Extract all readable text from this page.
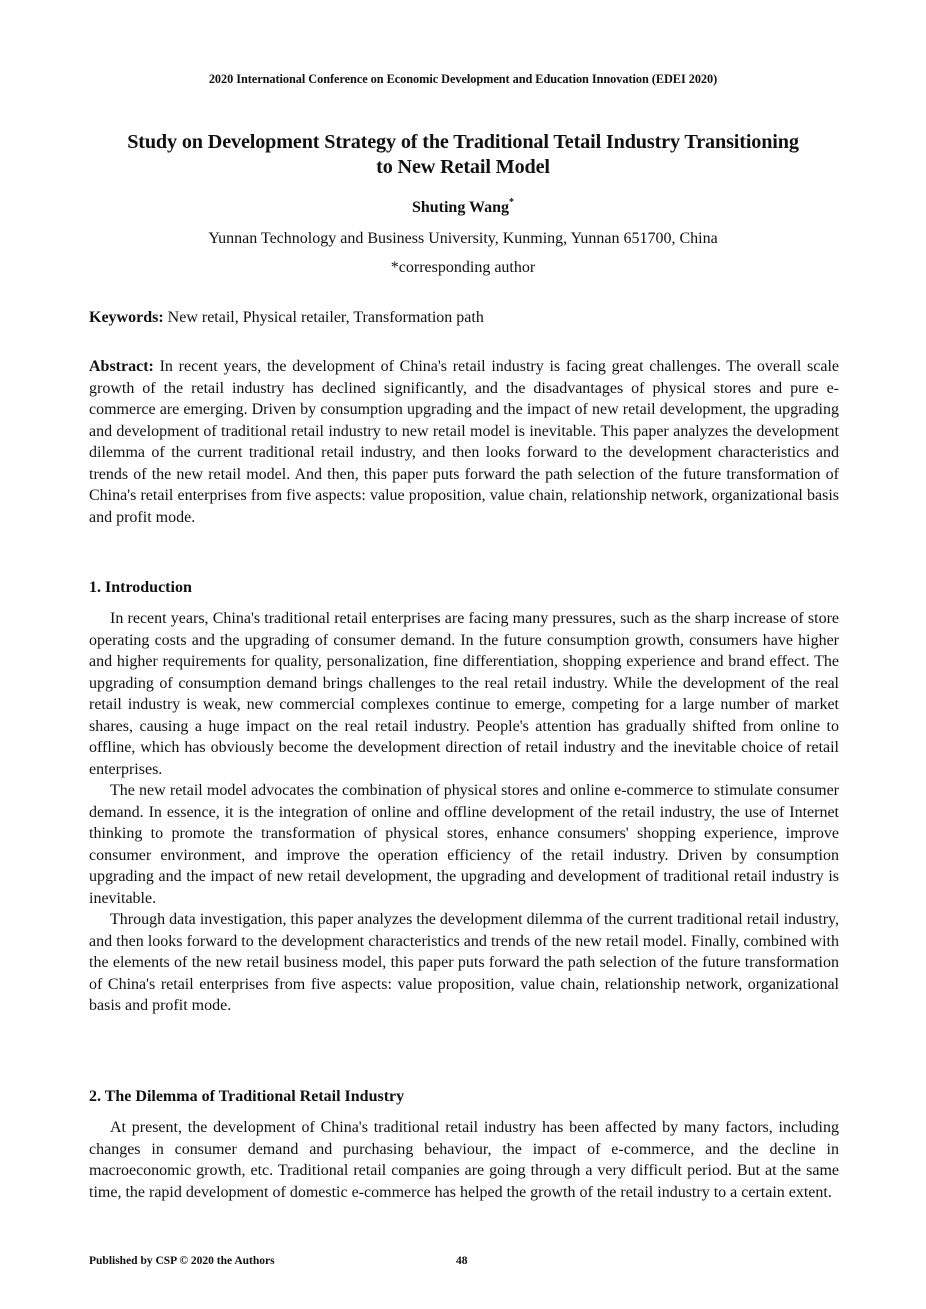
2020 International Conference on Economic Development and Education Innovation (EDEI 2020)
Study on Development Strategy of the Traditional Tetail Industry Transitioning
to New Retail Model
Shuting Wang*
Yunnan Technology and Business University, Kunming, Yunnan 651700, China
*corresponding author
Keywords: New retail, Physical retailer, Transformation path
Abstract: In recent years, the development of China's retail industry is facing great challenges. The overall scale growth of the retail industry has declined significantly, and the disadvantages of physical stores and pure e-commerce are emerging. Driven by consumption upgrading and the impact of new retail development, the upgrading and development of traditional retail industry to new retail model is inevitable. This paper analyzes the development dilemma of the current traditional retail industry, and then looks forward to the development characteristics and trends of the new retail model. And then, this paper puts forward the path selection of the future transformation of China's retail enterprises from five aspects: value proposition, value chain, relationship network, organizational basis and profit mode.
1. Introduction

In recent years, China's traditional retail enterprises are facing many pressures, such as the sharp increase of store operating costs and the upgrading of consumer demand. In the future consumption growth, consumers have higher and higher requirements for quality, personalization, fine differentiation, shopping experience and brand effect. The upgrading of consumption demand brings challenges to the real retail industry. While the development of the real retail industry is weak, new commercial complexes continue to emerge, competing for a large number of market shares, causing a huge impact on the real retail industry. People's attention has gradually shifted from online to offline, which has obviously become the development direction of retail industry and the inevitable choice of retail enterprises.

The new retail model advocates the combination of physical stores and online e-commerce to stimulate consumer demand. In essence, it is the integration of online and offline development of the retail industry, the use of Internet thinking to promote the transformation of physical stores, enhance consumers' shopping experience, improve consumer environment, and improve the operation efficiency of the retail industry. Driven by consumption upgrading and the impact of new retail development, the upgrading and development of traditional retail industry is inevitable.

Through data investigation, this paper analyzes the development dilemma of the current traditional retail industry, and then looks forward to the development characteristics and trends of the new retail model. Finally, combined with the elements of the new retail business model, this paper puts forward the path selection of the future transformation of China's retail enterprises from five aspects: value proposition, value chain, relationship network, organizational basis and profit mode.

2. The Dilemma of Traditional Retail Industry

At present, the development of China's traditional retail industry has been affected by many factors, including changes in consumer demand and purchasing behaviour, the impact of e-commerce, and the decline in macroeconomic growth, etc. Traditional retail companies are going through a very difficult period. But at the same time, the rapid development of domestic e-commerce has helped the growth of the retail industry to a certain extent.

Published by CSP © 2020 the Authors	48
